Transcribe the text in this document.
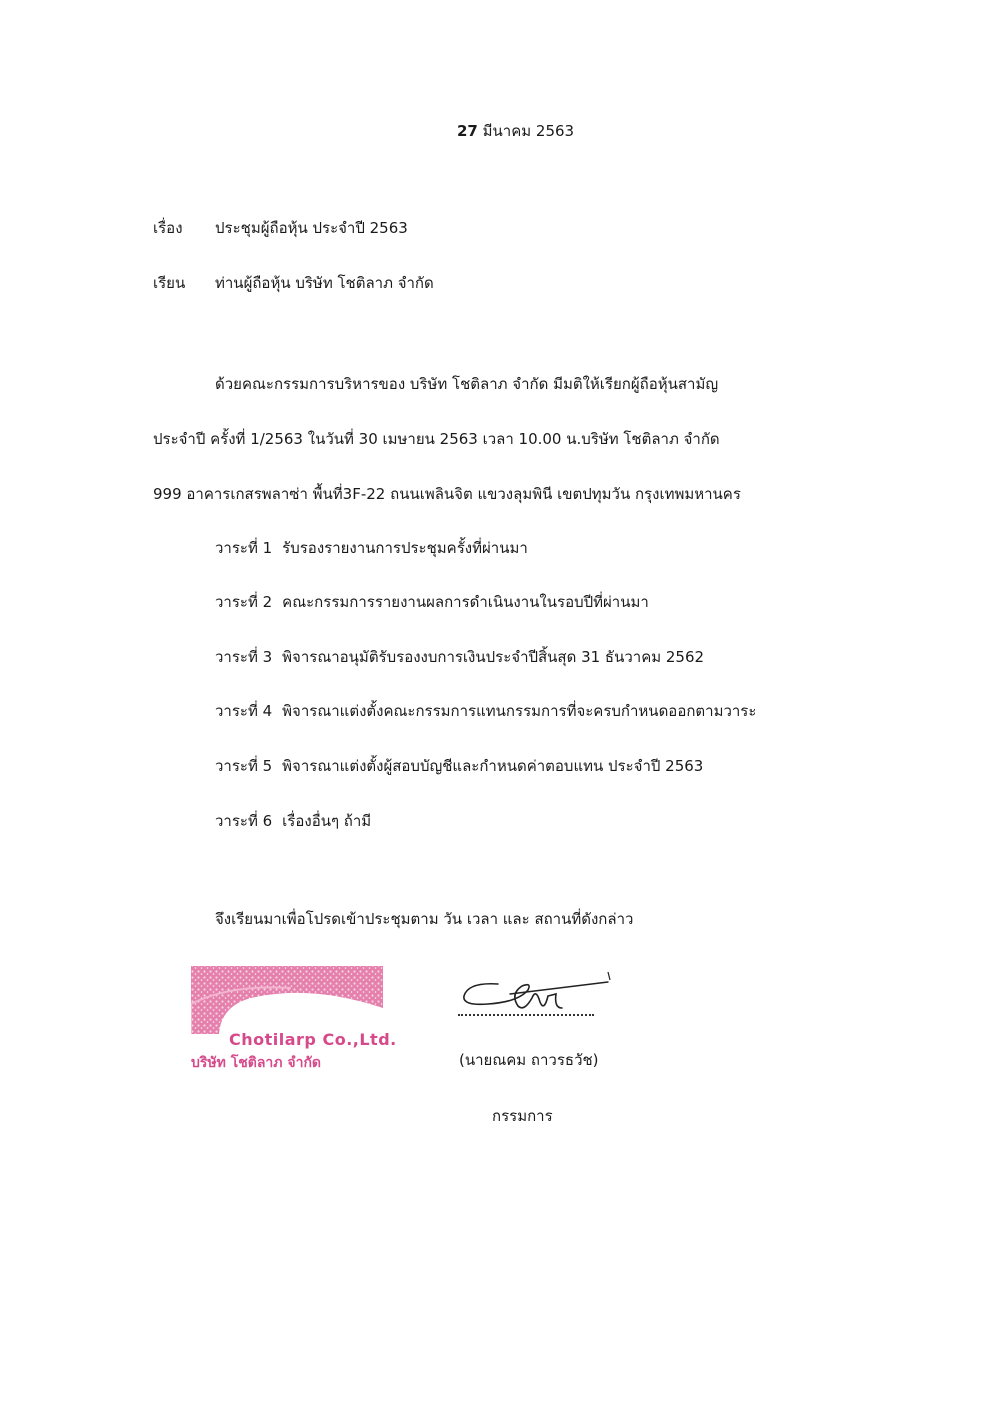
27 มีนาคม 2563
เรื่อง ประชุมผู้ถือหุ้น ประจำปี 2563
เรียน ท่านผู้ถือหุ้น บริษัท โชติลาภ จำกัด
ด้วยคณะกรรมการบริหารของ บริษัท โชติลาภ จำกัด มีมติให้เรียกผู้ถือหุ้นสามัญ
ประจำปี ครั้งที่ 1/2563 ในวันที่ 30 เมษายน 2563 เวลา 10.00 น.บริษัท โชติลาภ จำกัด
999 อาคารเกสรพลาซ่า พื้นที่3F-22 ถนนเพลินจิต แขวงลุมพินี เขตปทุมวัน กรุงเทพมหานคร
วาระที่ 1 รับรองรายงานการประชุมครั้งที่ผ่านมา
วาระที่ 2 คณะกรรมการรายงานผลการดำเนินงานในรอบปีที่ผ่านมา
วาระที่ 3 พิจารณาอนุมัติรับรองงบการเงินประจำปีสิ้นสุด 31 ธันวาคม 2562
วาระที่ 4 พิจารณาแต่งตั้งคณะกรรมการแทนกรรมการที่จะครบกำหนดออกตามวาระ
วาระที่ 5 พิจารณาแต่งตั้งผู้สอบบัญชีและกำหนดค่าตอบแทน ประจำปี 2563
วาระที่ 6 เรื่องอื่นๆ ถ้ามี
จึงเรียนมาเพื่อโปรดเข้าประชุมตาม วัน เวลา และ สถานที่ดังกล่าว
Chotilarp Co.,Ltd.
บริษัท โชติลาภ จำกัด	(นายณคม ถาวรธวัช)
กรรมการ
